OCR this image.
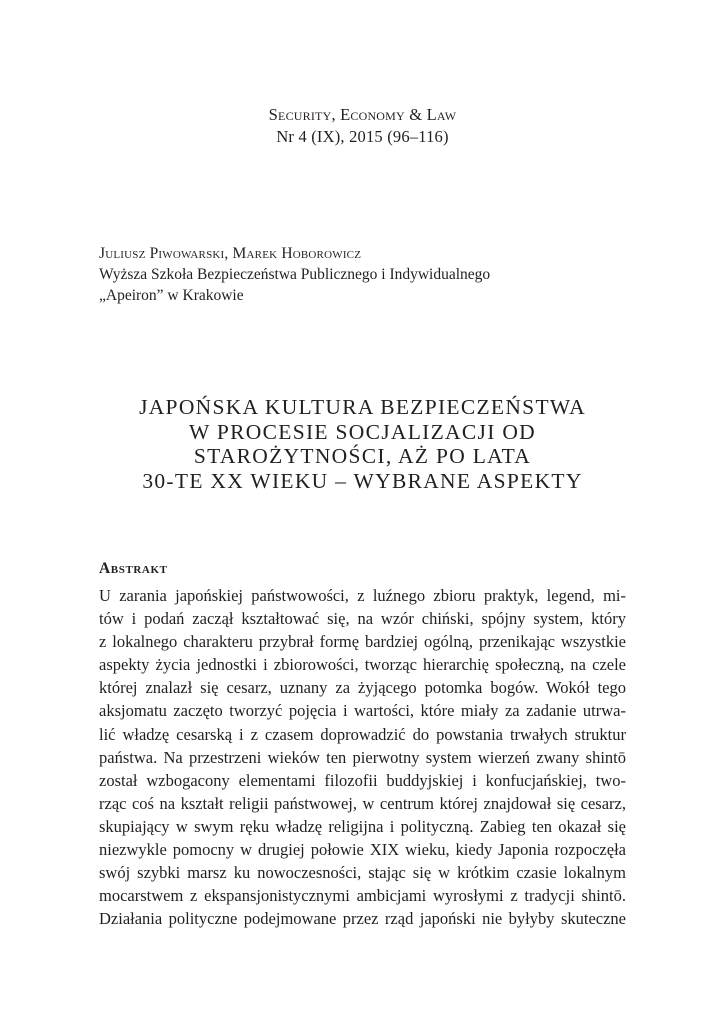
Security, Economy & Law
Nr 4 (IX), 2015 (96–116)
Juliusz Piwowarski, Marek Hoborowicz
Wyższa Szkoła Bezpieczeństwa Publicznego i Indywidualnego
„Apeiron” w Krakowie
JAPOŃSKA KULTURA BEZPIECZEŃSTWA
W PROCESIE SOCJALIZACJI OD
STAROŻYTNOŚCI, AŻ PO LATA
30-TE XX WIEKU – WYBRANE ASPEKTY
Abstrakt
U zarania japońskiej państwowości, z luźnego zbioru praktyk, legend, mi-
tów i podań zaczął kształtować się, na wzór chiński, spójny system, który
z lokalnego charakteru przybrał formę bardziej ogólną, przenikając wszystkie
aspekty życia jednostki i zbiorowości, tworząc hierarchię społeczną, na czele
której znalazł się cesarz, uznany za żyjącego potomka bogów. Wokół tego
aksjomatu zaczęto tworzyć pojęcia i wartości, które miały za zadanie utrwa-
lić władzę cesarską i z czasem doprowadzić do powstania trwałych struktur
państwa. Na przestrzeni wieków ten pierwotny system wierzeń zwany shintō
został wzbogacony elementami filozofii buddyjskiej i konfucjańskiej, two-
rząc coś na kształt religii państwowej, w centrum której znajdował się cesarz,
skupiający w swym ręku władzę religijna i polityczną. Zabieg ten okazał się
niezwykle pomocny w drugiej połowie XIX wieku, kiedy Japonia rozpoczęła
swój szybki marsz ku nowoczesności, stając się w krótkim czasie lokalnym
mocarstwem z ekspansjonistycznymi ambicjami wyrosłymi z tradycji shintō.
Działania polityczne podejmowane przez rząd japoński nie byłyby skuteczne
